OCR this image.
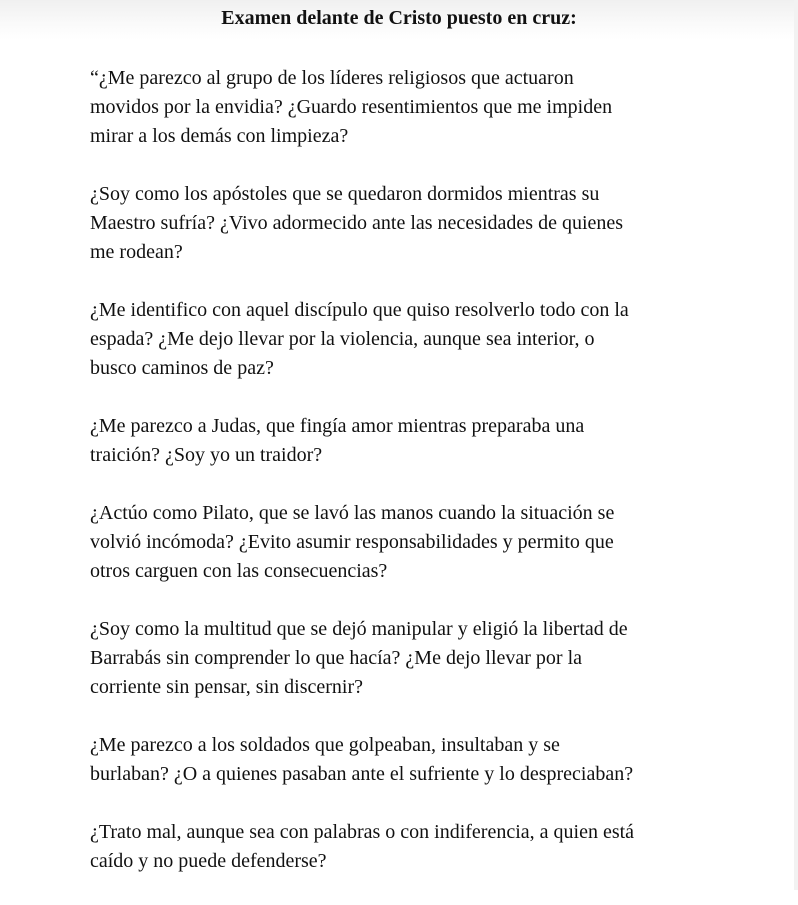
Examen delante de Cristo puesto en cruz:
“¿Me parezco al grupo de los líderes religiosos que actuaron
movidos por la envidia? ¿Guardo resentimientos que me impiden
mirar a los demás con limpieza?
¿Soy como los apóstoles que se quedaron dormidos mientras su
Maestro sufría? ¿Vivo adormecido ante las necesidades de quienes
me rodean?
¿Me identifico con aquel discípulo que quiso resolverlo todo con la
espada? ¿Me dejo llevar por la violencia, aunque sea interior, o
busco caminos de paz?
¿Me parezco a Judas, que fingía amor mientras preparaba una
traición? ¿Soy yo un traidor?
¿Actúo como Pilato, que se lavó las manos cuando la situación se
volvió incómoda? ¿Evito asumir responsabilidades y permito que
otros carguen con las consecuencias?
¿Soy como la multitud que se dejó manipular y eligió la libertad de
Barrabás sin comprender lo que hacía? ¿Me dejo llevar por la
corriente sin pensar, sin discernir?
¿Me parezco a los soldados que golpeaban, insultaban y se
burlaban? ¿O a quienes pasaban ante el sufriente y lo despreciaban?
¿Trato mal, aunque sea con palabras o con indiferencia, a quien está
caído y no puede defenderse?
